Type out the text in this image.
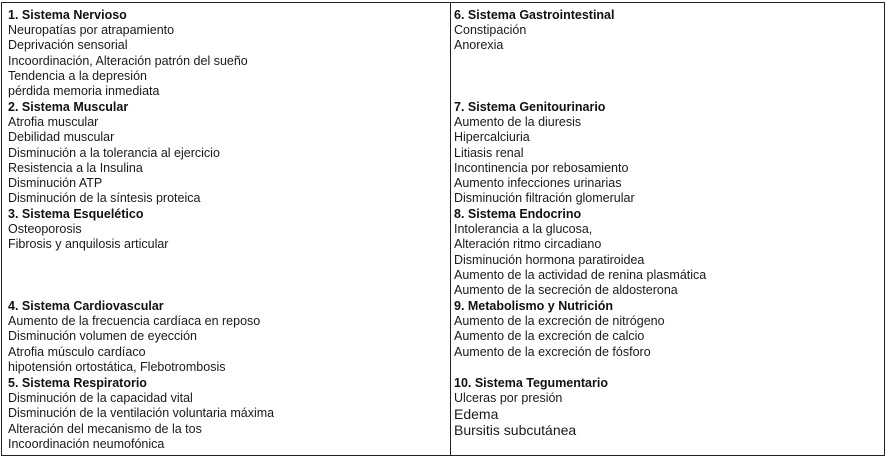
1. Sistema Nervioso
Neuropatías por atrapamiento
Deprivación sensorial
Incoordinación, Alteración patrón del sueño
Tendencia a la depresión
pérdida memoria inmediata
2. Sistema Muscular
Atrofia muscular
Debilidad muscular
Disminución a la tolerancia al ejercicio
Resistencia a la Insulina
Disminución ATP
Disminución de la síntesis proteica
3. Sistema Esquelético
Osteoporosis
Fibrosis y anquilosis articular
4. Sistema Cardiovascular
Aumento de la frecuencia cardíaca en reposo
Disminución volumen de eyección
Atrofia músculo cardíaco
hipotensión ortostática, Flebotrombosis
5. Sistema Respiratorio
Disminución de la capacidad vital
Disminución de la ventilación voluntaria máxima
Alteración del mecanismo de la tos
Incoordinación neumofónica
6. Sistema Gastrointestinal
Constipación
Anorexia
7. Sistema Genitourinario
Aumento de la diuresis
Hipercalciuria
Litiasis renal
Incontinencia por rebosamiento
Aumento infecciones urinarias
Disminución filtración glomerular
8. Sistema Endocrino
Intolerancia a la glucosa,
Alteración ritmo circadiano
Disminución hormona paratiroidea
Aumento de la actividad de renina plasmática
Aumento de la secreción de aldosterona
9. Metabolismo y Nutrición
Aumento de la excreción de nitrógeno
Aumento de la excreción de calcio
Aumento de la excreción de fósforo
10. Sistema Tegumentario
Ulceras por presión
Edema
Bursitis subcutánea
